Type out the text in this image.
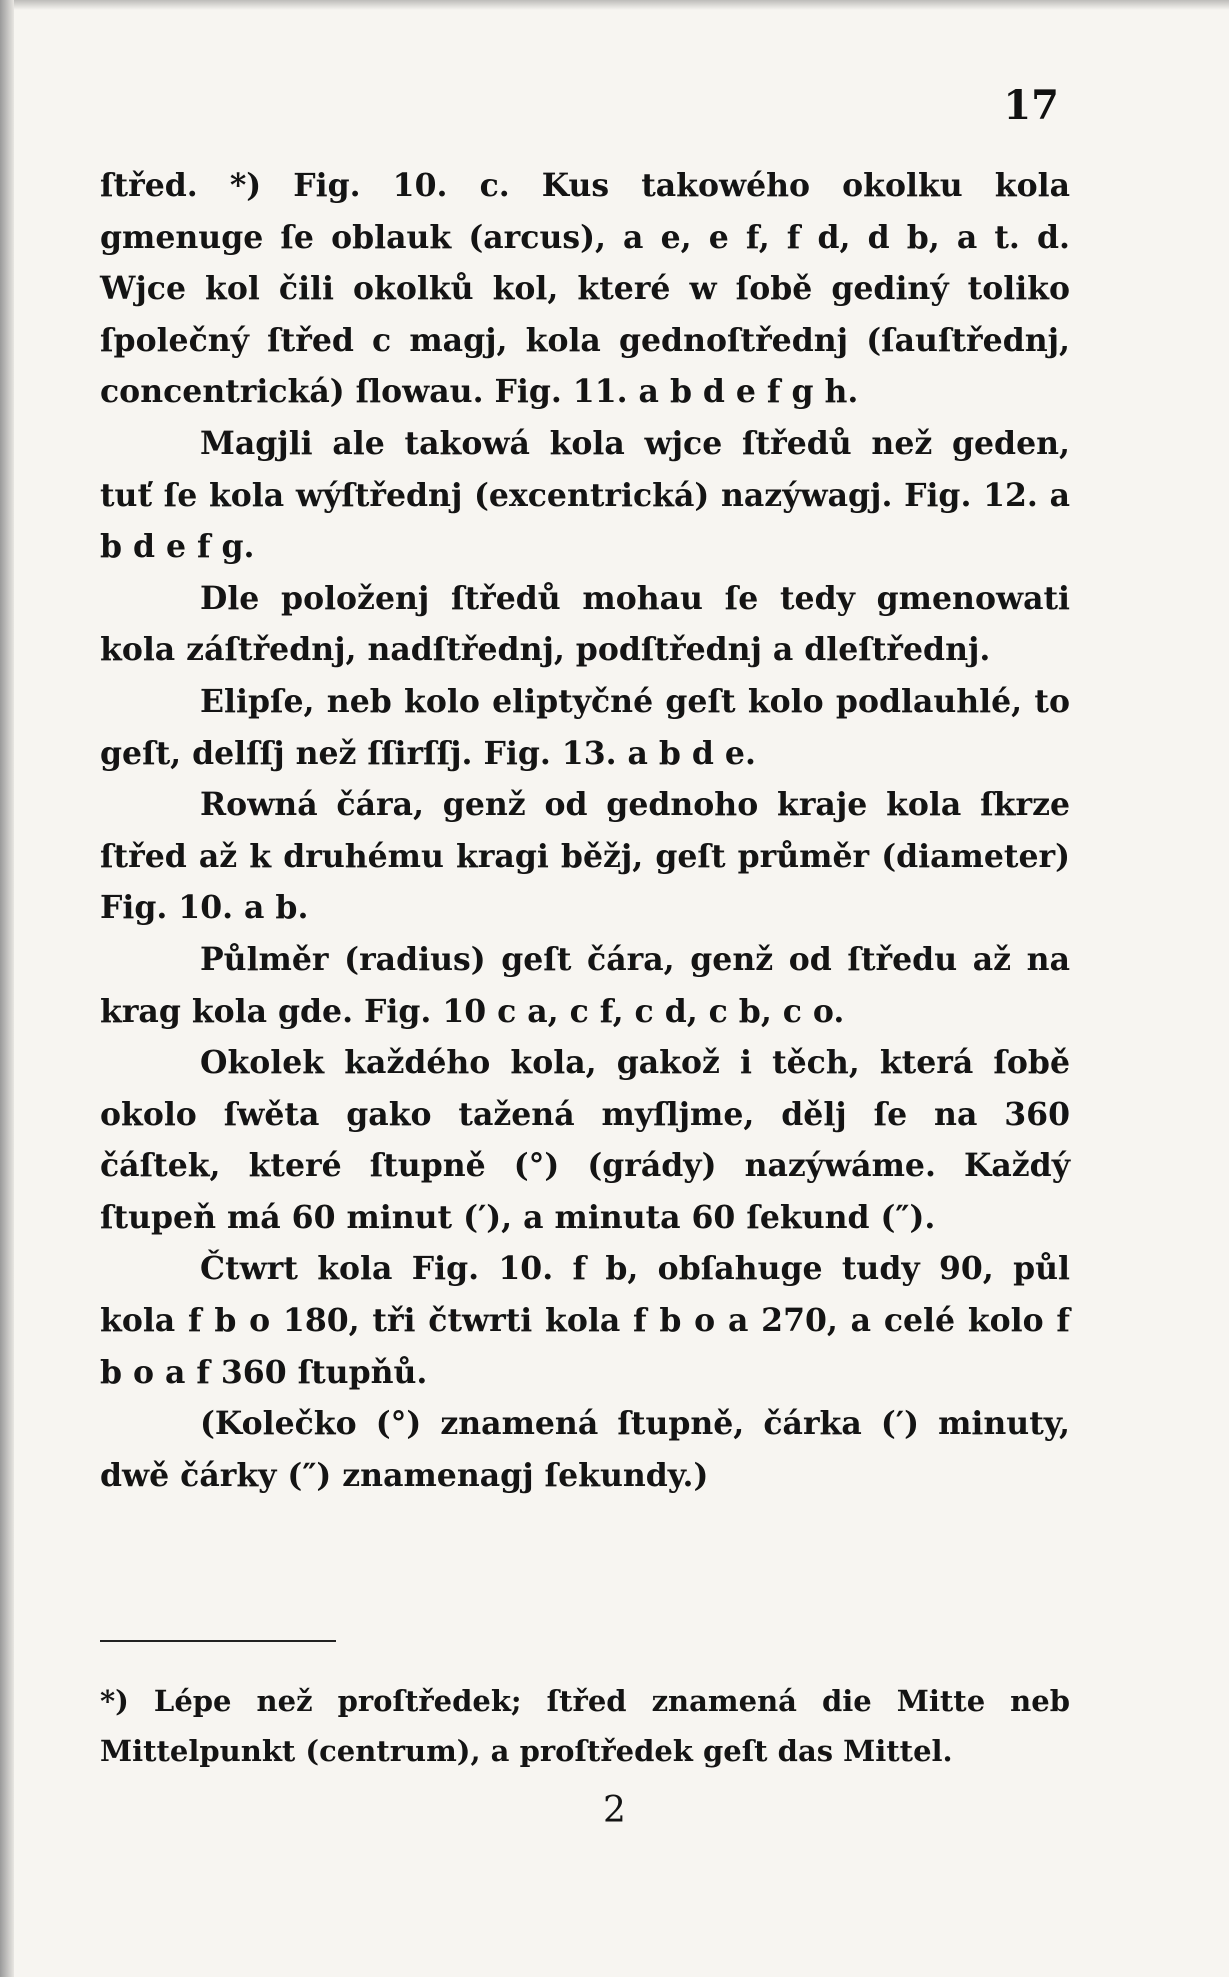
17

ſtřed. *) Fig. 10. c. Kus takowého okolku kola gmenuge ſe oblauk (arcus), a e, e f, f d, d b, a t. d. Wjce kol čili okolků kol, které w ſobě gediný toliko ſpolečný ſtřed c magj, kola gednoſtřednj (ſauſtřednj, concentrická) ſlowau. Fig. 11. a b d e f g h.

Magjli ale takowá kola wjce ſtředů než geden, tuť ſe kola wýſtřednj (excentrická) nazýwagj. Fig. 12. a b d e f g.

Dle položenj ſtředů mohau ſe tedy gmenowati kola záſtřednj, nadſtřednj, podſtřednj a dleſtřednj.

Elipſe, neb kolo eliptyčné geſt kolo podlauhlé, to geſt, delſſj než ſſirſſj. Fig. 13. a b d e.

Rowná čára, genž od gednoho kraje kola ſkrze ſtřed až k druhému kragi běžj, geſt průměr (diameter) Fig. 10. a b.

Půlměr (radius) geſt čára, genž od ſtředu až na krag kola gde. Fig. 10 c a, c f, c d, c b, c o.

Okolek každého kola, gakož i těch, která ſobě okolo ſwěta gako tažená myſljme, dělj ſe na 360 čáſtek, které ſtupně (°) (grády) nazýwáme. Každý ſtupeň má 60 minut (′), a minuta 60 ſekund (″).

Čtwrt kola Fig. 10. f b, obſahuge tudy 90, půl kola f b o 180, tři čtwrti kola f b o a 270, a celé kolo f b o a f 360 ſtupňů.

(Kolečko (°) znamená ſtupně, čárka (′) minuty, dwě čárky (″) znamenagj ſekundy.)

*) Lépe než proſtředek; ſtřed znamená die Mitte neb Mittelpunkt (centrum), a proſtředek geſt das Mittel.

2
